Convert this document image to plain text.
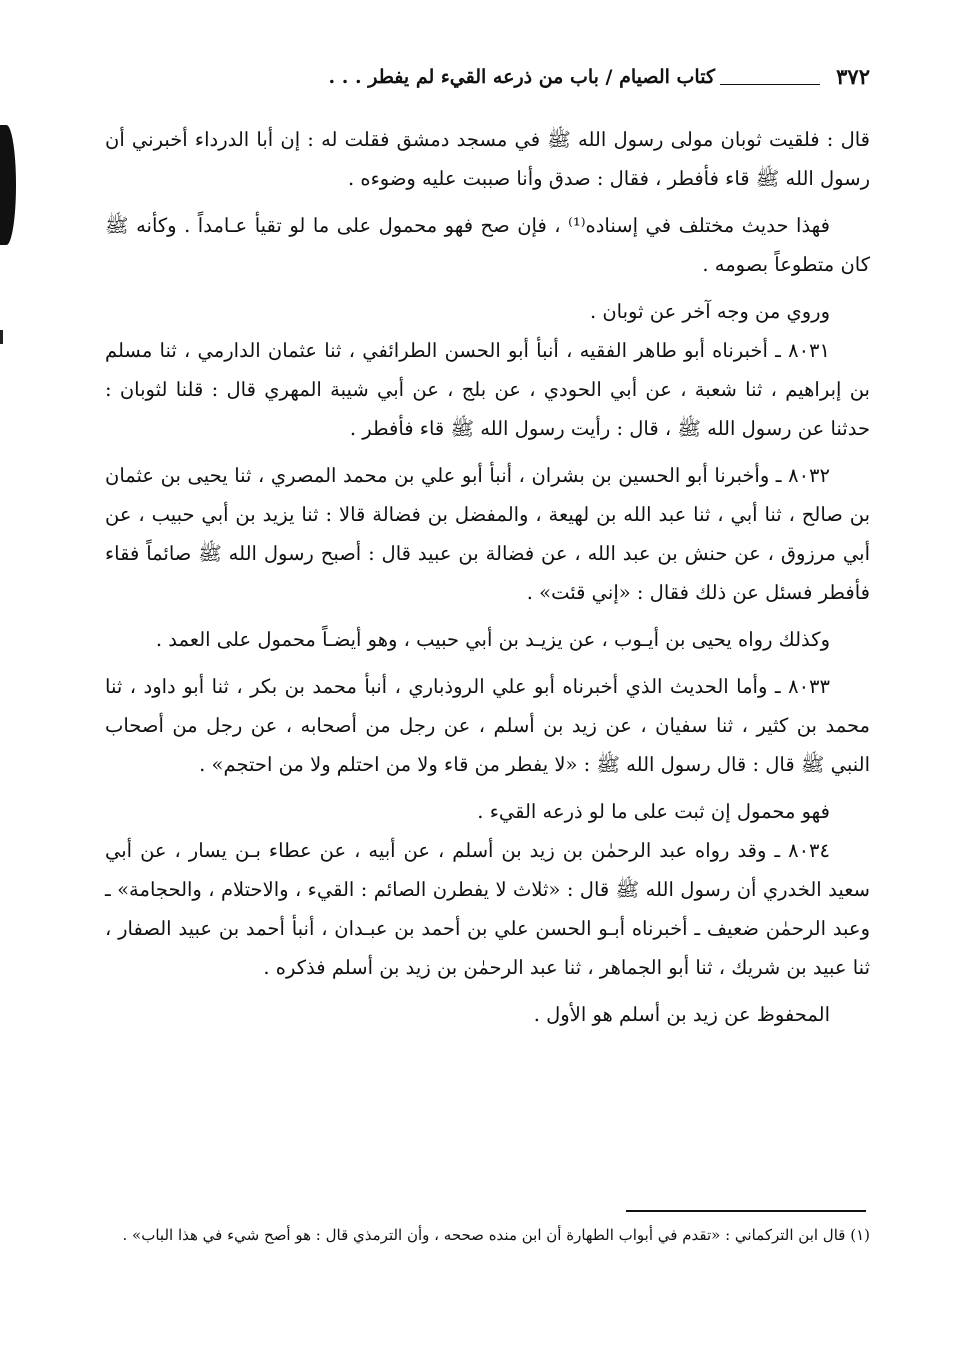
٣٧٢
كتاب الصيام / باب من ذرعه القيء لم يفطر . . .

قال : فلقيت ثوبان مولى رسول الله ﷺ في مسجد دمشق فقلت له : إن أبا الدرداء أخبرني أن رسول الله ﷺ قاء فأفطر ، فقال : صدق وأنا صببت عليه وضوءه .

فهذا حديث مختلف في إسناده⁽¹⁾ ، فإن صح فهو محمول على ما لو تقيأ عـامداً . وكأنه ﷺ كان متطوعاً بصومه .

وروي من وجه آخر عن ثوبان .

٨٠٣١ ـ أخبرناه أبو طاهر الفقيه ، أنبأ أبو الحسن الطرائفي ، ثنا عثمان الدارمي ، ثنا مسلم بن إبراهيم ، ثنا شعبة ، عن أبي الحودي ، عن بلج ، عن أبي شيبة المهري قال : قلنا لثوبان : حدثنا عن رسول الله ﷺ ، قال : رأيت رسول الله ﷺ قاء فأفطر .

٨٠٣٢ ـ وأخبرنا أبو الحسين بن بشران ، أنبأ أبو علي بن محمد المصري ، ثنا يحيى بن عثمان بن صالح ، ثنا أبي ، ثنا عبد الله بن لهيعة ، والمفضل بن فضالة قالا : ثنا يزيد بن أبي حبيب ، عن أبي مرزوق ، عن حنش بن عبد الله ، عن فضالة بن عبيد قال : أصبح رسول الله ﷺ صائماً فقاء فأفطر فسئل عن ذلك فقال : «إني قئت» .

وكذلك رواه يحيى بن أيـوب ، عن يزيـد بن أبي حبيب ، وهو أيضـاً محمول على العمد .

٨٠٣٣ ـ وأما الحديث الذي أخبرناه أبو علي الروذباري ، أنبأ محمد بن بكر ، ثنا أبو داود ، ثنا محمد بن كثير ، ثنا سفيان ، عن زيد بن أسلم ، عن رجل من أصحابه ، عن رجل من أصحاب النبي ﷺ قال : قال رسول الله ﷺ : «لا يفطر من قاء ولا من احتلم ولا من احتجم» .

فهو محمول إن ثبت على ما لو ذرعه القيء .

٨٠٣٤ ـ وقد رواه عبد الرحمٰن بن زيد بن أسلم ، عن أبيه ، عن عطاء بـن يسار ، عن أبي سعيد الخدري أن رسول الله ﷺ قال : «ثلاث لا يفطرن الصائم : القيء ، والاحتلام ، والحجامة» ـ وعبد الرحمٰن ضعيف ـ أخبرناه أبـو الحسن علي بن أحمد بن عبـدان ، أنبأ أحمد بن عبيد الصفار ، ثنا عبيد بن شريك ، ثنا أبو الجماهر ، ثنا عبد الرحمٰن بن زيد بن أسلم فذكره .

المحفوظ عن زيد بن أسلم هو الأول .

(١) قال ابن التركماني : «تقدم في أبواب الطهارة أن ابن منده صححه ، وأن الترمذي قال : هو أصح شيء في هذا الباب» .
